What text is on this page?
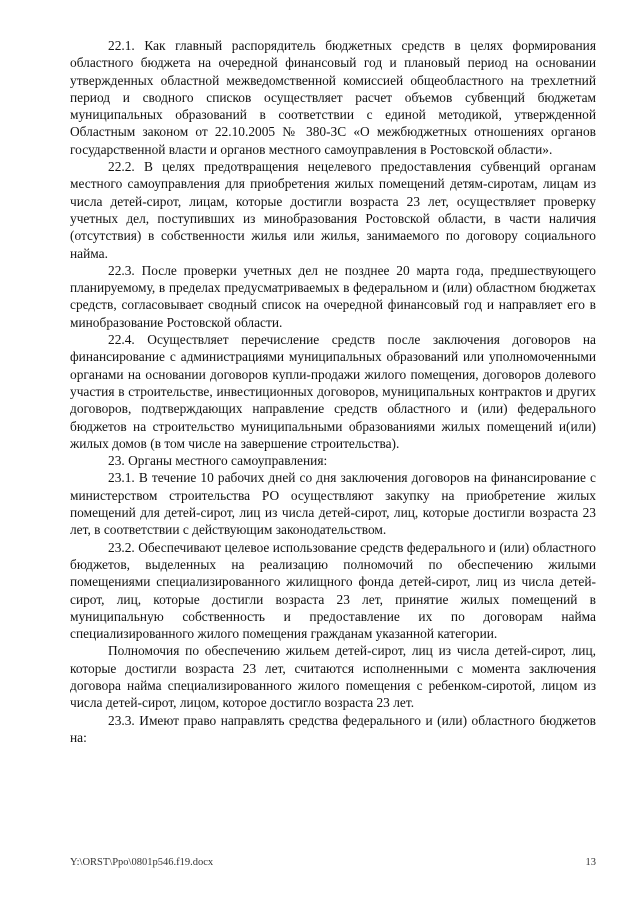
22.1. Как главный распорядитель бюджетных средств в целях формирования областного бюджета на очередной финансовый год и плановый период на основании утвержденных областной межведомственной комиссией общеобластного на трехлетний период и сводного списков осуществляет расчет объемов субвенций бюджетам муниципальных образований в соответствии с единой методикой, утвержденной Областным законом от 22.10.2005 № 380-ЗС «О межбюджетных отношениях органов государственной власти и органов местного самоуправления в Ростовской области».

22.2. В целях предотвращения нецелевого предоставления субвенций органам местного самоуправления для приобретения жилых помещений детям-сиротам, лицам из числа детей-сирот, лицам, которые достигли возраста 23 лет, осуществляет проверку учетных дел, поступивших из минобразования Ростовской области, в части наличия (отсутствия) в собственности жилья или жилья, занимаемого по договору социального найма.

22.3. После проверки учетных дел не позднее 20 марта года, предшествующего планируемому, в пределах предусматриваемых в федеральном и (или) областном бюджетах средств, согласовывает сводный список на очередной финансовый год и направляет его в минобразование Ростовской области.

22.4. Осуществляет перечисление средств после заключения договоров на финансирование с администрациями муниципальных образований или уполномоченными органами на основании договоров купли-продажи жилого помещения, договоров долевого участия в строительстве, инвестиционных договоров, муниципальных контрактов и других договоров, подтверждающих направление средств областного и (или) федерального бюджетов на строительство муниципальными образованиями жилых помещений и(или) жилых домов (в том числе на завершение строительства).

23. Органы местного самоуправления:

23.1. В течение 10 рабочих дней со дня заключения договоров на финансирование с министерством строительства РО осуществляют закупку на приобретение жилых помещений для детей-сирот, лиц из числа детей-сирот, лиц, которые достигли возраста 23 лет, в соответствии с действующим законодательством.

23.2. Обеспечивают целевое использование средств федерального и (или) областного бюджетов, выделенных на реализацию полномочий по обеспечению жилыми помещениями специализированного жилищного фонда детей-сирот, лиц из числа детей-сирот, лиц, которые достигли возраста 23 лет, принятие жилых помещений в муниципальную собственность и предоставление их по договорам найма специализированного жилого помещения гражданам указанной категории.

Полномочия по обеспечению жильем детей-сирот, лиц из числа детей-сирот, лиц, которые достигли возраста 23 лет, считаются исполненными с момента заключения договора найма специализированного жилого помещения с ребенком-сиротой, лицом из числа детей-сирот, лицом, которое достигло возраста 23 лет.

23.3. Имеют право направлять средства федерального и (или) областного бюджетов на:

Y:\ORST\Ppo\0801p546.f19.docx	13
